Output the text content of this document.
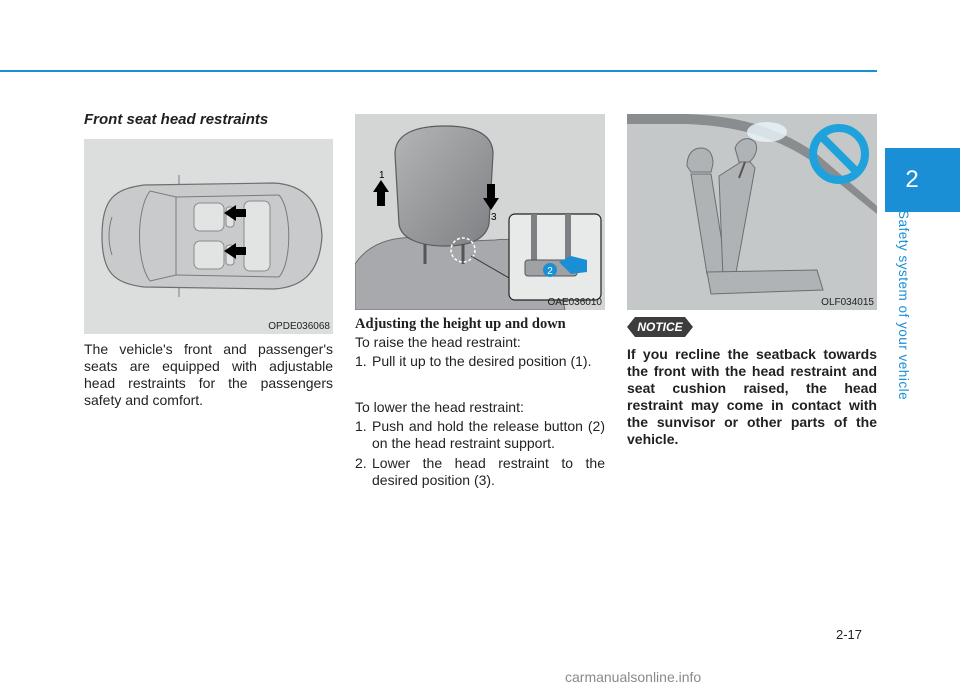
2
Safety system of your vehicle
Front seat head restraints
OPDE036068

The vehicle's front and passenger's seats are equipped with adjustable head restraints for the passengers safety and comfort.

1
3
2
OAE036010
Adjusting the height up and down
To raise the head restraint:
1. Pull it up to the desired position (1).
To lower the head restraint:
1. Push and hold the release button (2) on the head restraint support.
2. Lower the head restraint to the desired position (3).
OLF034015
NOTICE

If you recline the seatback towards the front with the head restraint and seat cushion raised, the head restraint may come in contact with the sunvisor or other parts of the vehicle.

2-17
carmanualsonline.info
